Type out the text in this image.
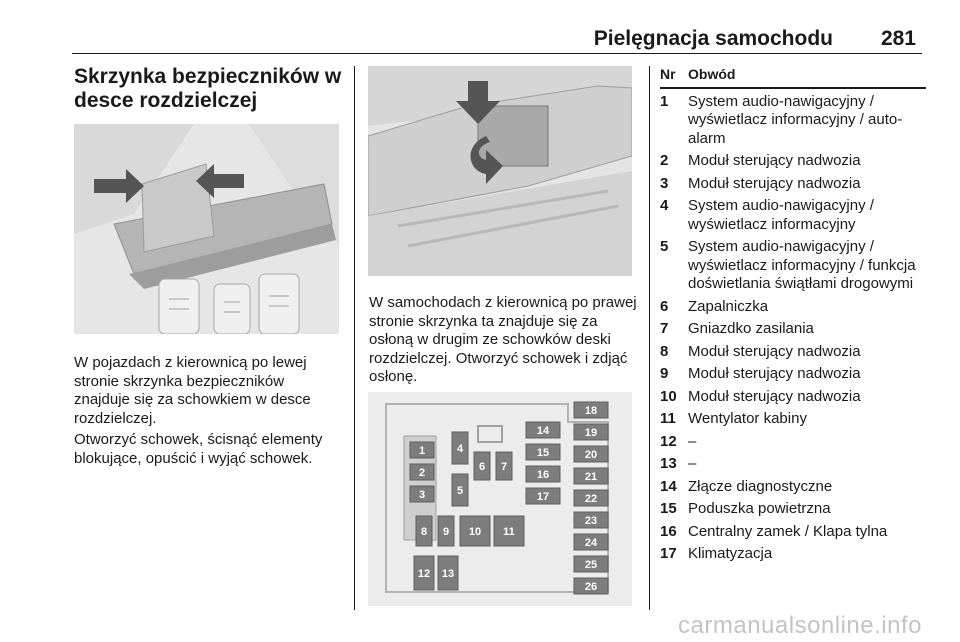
Pielęgnacja samochodu 281
Skrzynka bezpieczników w desce rozdzielczej
W pojazdach z kierownicą po lewej stronie skrzynka bezpieczników znajduje się za schowkiem w desce rozdzielczej.
Otworzyć schowek, ścisnąć elementy blokujące, opuścić i wyjąć schowek.
W samochodach z kierownicą po prawej stronie skrzynka ta znajduje się za osłoną w drugim ze schowków deski rozdzielczej. Otworzyć schowek i zdjąć osłonę.
1
2
3
4
5
6 7
8 9 10 11
12 13
14
15
16
17
18
19
20
21
22
23
24
25
26
Nr	Obwód
1	System audio-nawigacyjny / wyświetlacz informacyjny / auto-alarm
2	Moduł sterujący nadwozia
3	Moduł sterujący nadwozia
4	System audio-nawigacyjny / wyświetlacz informacyjny
5	System audio-nawigacyjny / wyświetlacz informacyjny / funkcja doświetlania świątłami drogowymi
6	Zapalniczka
7	Gniazdko zasilania
8	Moduł sterujący nadwozia
9	Moduł sterujący nadwozia
10	Moduł sterujący nadwozia
11	Wentylator kabiny
12	–
13	–
14	Złącze diagnostyczne
15	Poduszka powietrzna
16	Centralny zamek / Klapa tylna
17	Klimatyzacja
carmanualsonline.info
